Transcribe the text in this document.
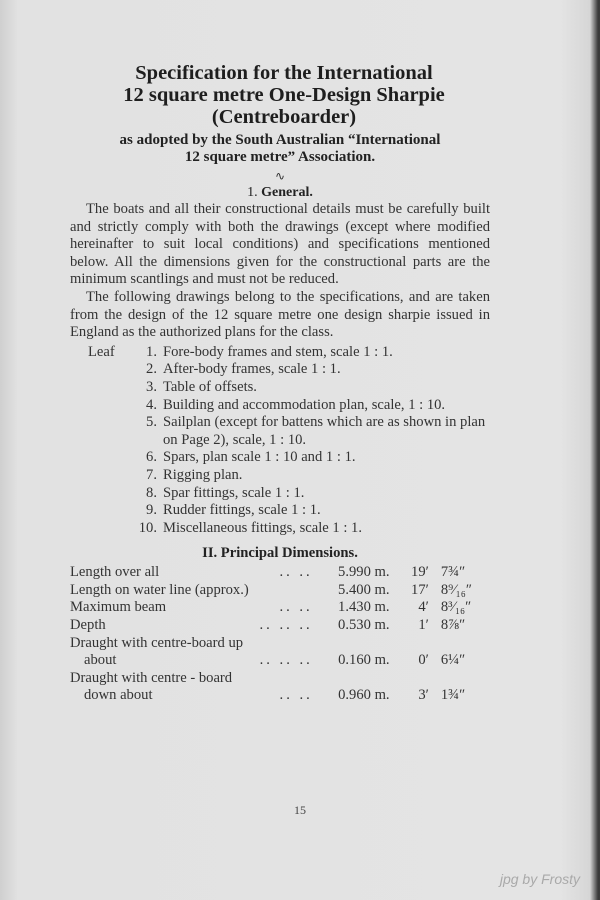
Specification for the International
12 square metre One-Design Sharpie
(Centreboarder)
as adopted by the South Australian “International
12 square metre” Association.
∿
1. General.

The boats and all their constructional details must be carefully built and strictly comply with both the drawings (except where modified hereinafter to suit local conditions) and specifications mentioned below. All the dimensions given for the constructional parts are the minimum scantlings and must not be reduced.

The following drawings belong to the specifications, and are taken from the design of the 12 square metre one design sharpie issued in England as the authorized plans for the class.

Leaf	1. Fore-body frames and stem, scale 1 : 1.
2. After-body frames, scale 1 : 1.
3. Table of offsets.
4. Building and accommodation plan, scale, 1 : 10.
5. Sailplan (except for battens which are as shown in plan on Page 2), scale, 1 : 10.
6. Spars, plan scale 1 : 10 and 1 : 1.
7. Rigging plan.
8. Spar fittings, scale 1 : 1.
9. Rudder fittings, scale 1 : 1.
10. Miscellaneous fittings, scale 1 : 1.
II. Principal Dimensions.
Length over all	.. ..	5.990 m.	19′ 7¾″
Length on water line (approx.)	5.400 m.	17′ 8⁹⁄₁₆″
Maximum beam	.. ..	1.430 m.	4′ 8³⁄₁₆″
Depth	.. .. ..	0.530 m.	1′ 8⅞″
Draught with centre-board up
about	.. .. ..	0.160 m.	0′ 6¼″
Draught with centre - board
down about	.. ..	0.960 m.	3′ 1¾″
15
jpg by Frosty
